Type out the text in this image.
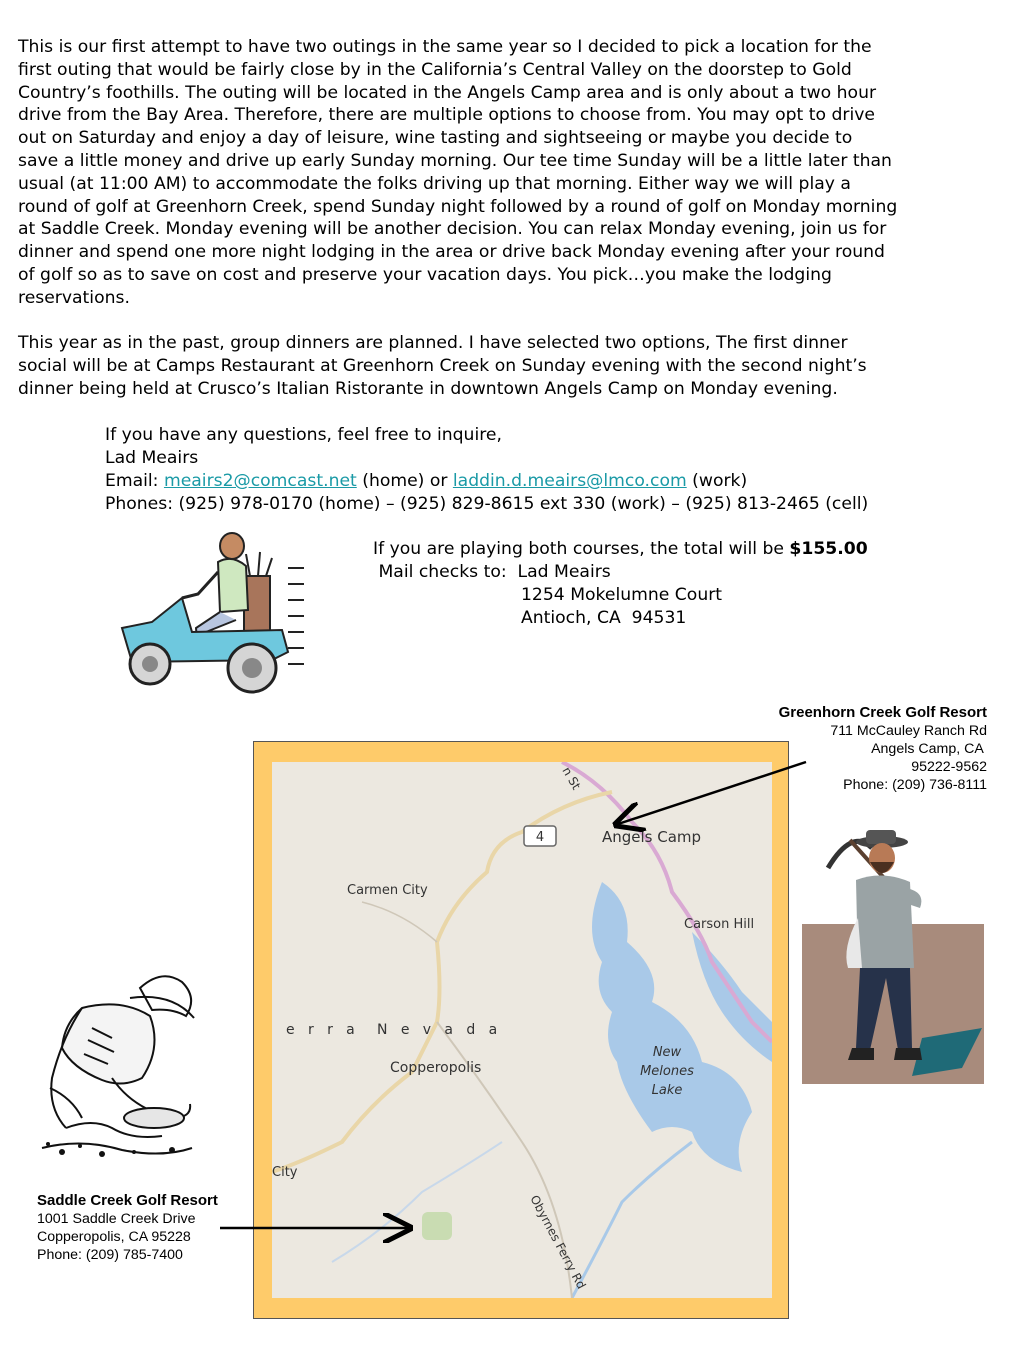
This is our first attempt to have two outings in the same year so I decided to pick a location for the
first outing that would be fairly close by in the California’s Central Valley on the doorstep to Gold
Country’s foothills. The outing will be located in the Angels Camp area and is only about a two hour
drive from the Bay Area. Therefore, there are multiple options to choose from. You may opt to drive
out on Saturday and enjoy a day of leisure, wine tasting and sightseeing or maybe you decide to
save a little money and drive up early Sunday morning. Our tee time Sunday will be a little later than
usual (at 11:00 AM) to accommodate the folks driving up that morning. Either way we will play a
round of golf at Greenhorn Creek, spend Sunday night followed by a round of golf on Monday morning
at Saddle Creek. Monday evening will be another decision. You can relax Monday evening, join us for
dinner and spend one more night lodging in the area or drive back Monday evening after your round
of golf so as to save on cost and preserve your vacation days. You pick…you make the lodging
reservations.
This year as in the past, group dinners are planned. I have selected two options, The first dinner
social will be at Camps Restaurant at Greenhorn Creek on Sunday evening with the second night’s
dinner being held at Crusco’s Italian Ristorante in downtown Angels Camp on Monday evening.
If you have any questions, feel free to inquire,
Lad Meairs
Email: meairs2@comcast.net (home) or laddin.d.meairs@lmco.com (work)
Phones: (925) 978-0170 (home) – (925) 829-8615 ext 330 (work) – (925) 813-2465 (cell)
If you are playing both courses, the total will be $155.00
Mail checks to:  Lad Meairs
1254 Mokelumne Court
Antioch, CA  94531
Greenhorn Creek Golf Resort
711 McCauley Ranch Rd
Angels Camp, CA
95222-9562
Phone: (209) 736-8111
4	Angels Camp
Carmen City
Carson Hill
Copperopolis
New
Melones
Lake
e   r   r   a     N   e   v   a   d   a
City
n St
Obyrnes Ferry Rd
Saddle Creek Golf Resort
1001 Saddle Creek Drive
Copperopolis, CA 95228
Phone: (209) 785-7400
